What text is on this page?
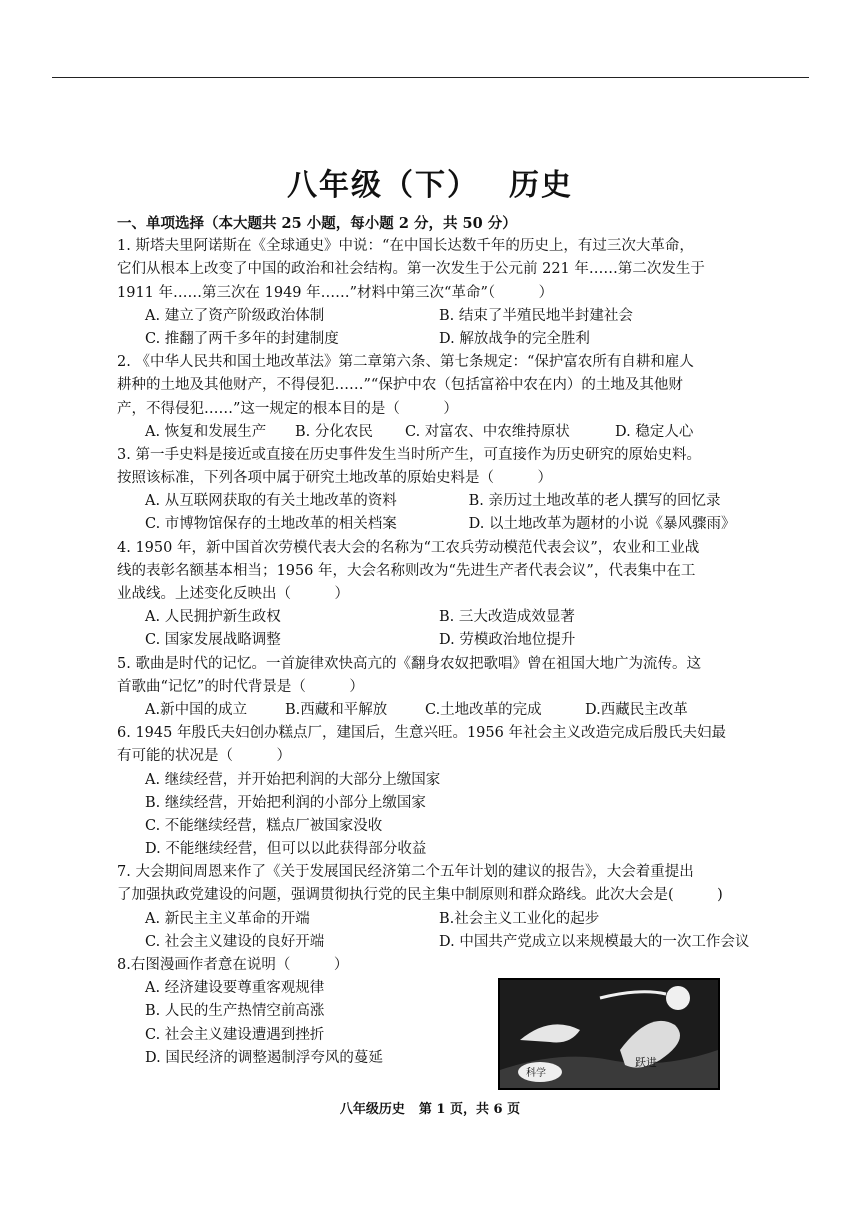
八年级（下） 历史
一、单项选择（本大题共 25 小题，每小题 2 分，共 50 分）
1. 斯塔夫里阿诺斯在《全球通史》中说：“在中国长达数千年的历史上，有过三次大革命，
它们从根本上改变了中国的政治和社会结构。第一次发生于公元前 221 年……第二次发生于
1911 年……第三次在 1949 年……”材料中第三次“革命”（　　　）
A. 建立了资产阶级政治体制	B. 结束了半殖民地半封建社会
C. 推翻了两千多年的封建制度	D. 解放战争的完全胜利
2. 《中华人民共和国土地改革法》第二章第六条、第七条规定：“保护富农所有自耕和雇人
耕种的土地及其他财产，不得侵犯……”“保护中农（包括富裕中农在内）的土地及其他财
产，不得侵犯……”这一规定的根本目的是（　　　）
A. 恢复和发展生产	B. 分化农民	C. 对富农、中农维持原状	D. 稳定人心
3. 第一手史料是接近或直接在历史事件发生当时所产生，可直接作为历史研究的原始史料。
按照该标准，下列各项中属于研究土地改革的原始史料是（　　　）
A. 从互联网获取的有关土地改革的资料	B. 亲历过土地改革的老人撰写的回忆录
C. 市博物馆保存的土地改革的相关档案	D. 以土地改革为题材的小说《暴风骤雨》
4. 1950 年，新中国首次劳模代表大会的名称为“工农兵劳动模范代表会议”，农业和工业战
线的表彰名额基本相当；1956 年，大会名称则改为“先进生产者代表会议”，代表集中在工
业战线。上述变化反映出（　　　）
A. 人民拥护新生政权	B. 三大改造成效显著
C. 国家发展战略调整	D. 劳模政治地位提升
5. 歌曲是时代的记忆。一首旋律欢快高亢的《翻身农奴把歌唱》曾在祖国大地广为流传。这
首歌曲“记忆”的时代背景是（　　　）
A.新中国的成立	B.西藏和平解放	C.土地改革的完成	D.西藏民主改革
6. 1945 年殷氏夫妇创办糕点厂，建国后，生意兴旺。1956 年社会主义改造完成后殷氏夫妇最
有可能的状况是（　　　）
A. 继续经营，并开始把利润的大部分上缴国家
B. 继续经营，开始把利润的小部分上缴国家
C. 不能继续经营，糕点厂被国家没收
D. 不能继续经营，但可以以此获得部分收益
7. 大会期间周恩来作了《关于发展国民经济第二个五年计划的建议的报告》，大会着重提出
了加强执政党建设的问题，强调贯彻执行党的民主集中制原则和群众路线。此次大会是(　　　)
A. 新民主主义革命的开端	B.社会主义工业化的起步
C. 社会主义建设的良好开端	D. 中国共产党成立以来规模最大的一次工作会议
8.右图漫画作者意在说明（　　　）
A. 经济建设要尊重客观规律
B. 人民的生产热情空前高涨
C. 社会主义建设遭遇到挫折
D. 国民经济的调整遏制浮夸风的蔓延	跃进
科学
八年级历史 第 1 页，共 6 页
